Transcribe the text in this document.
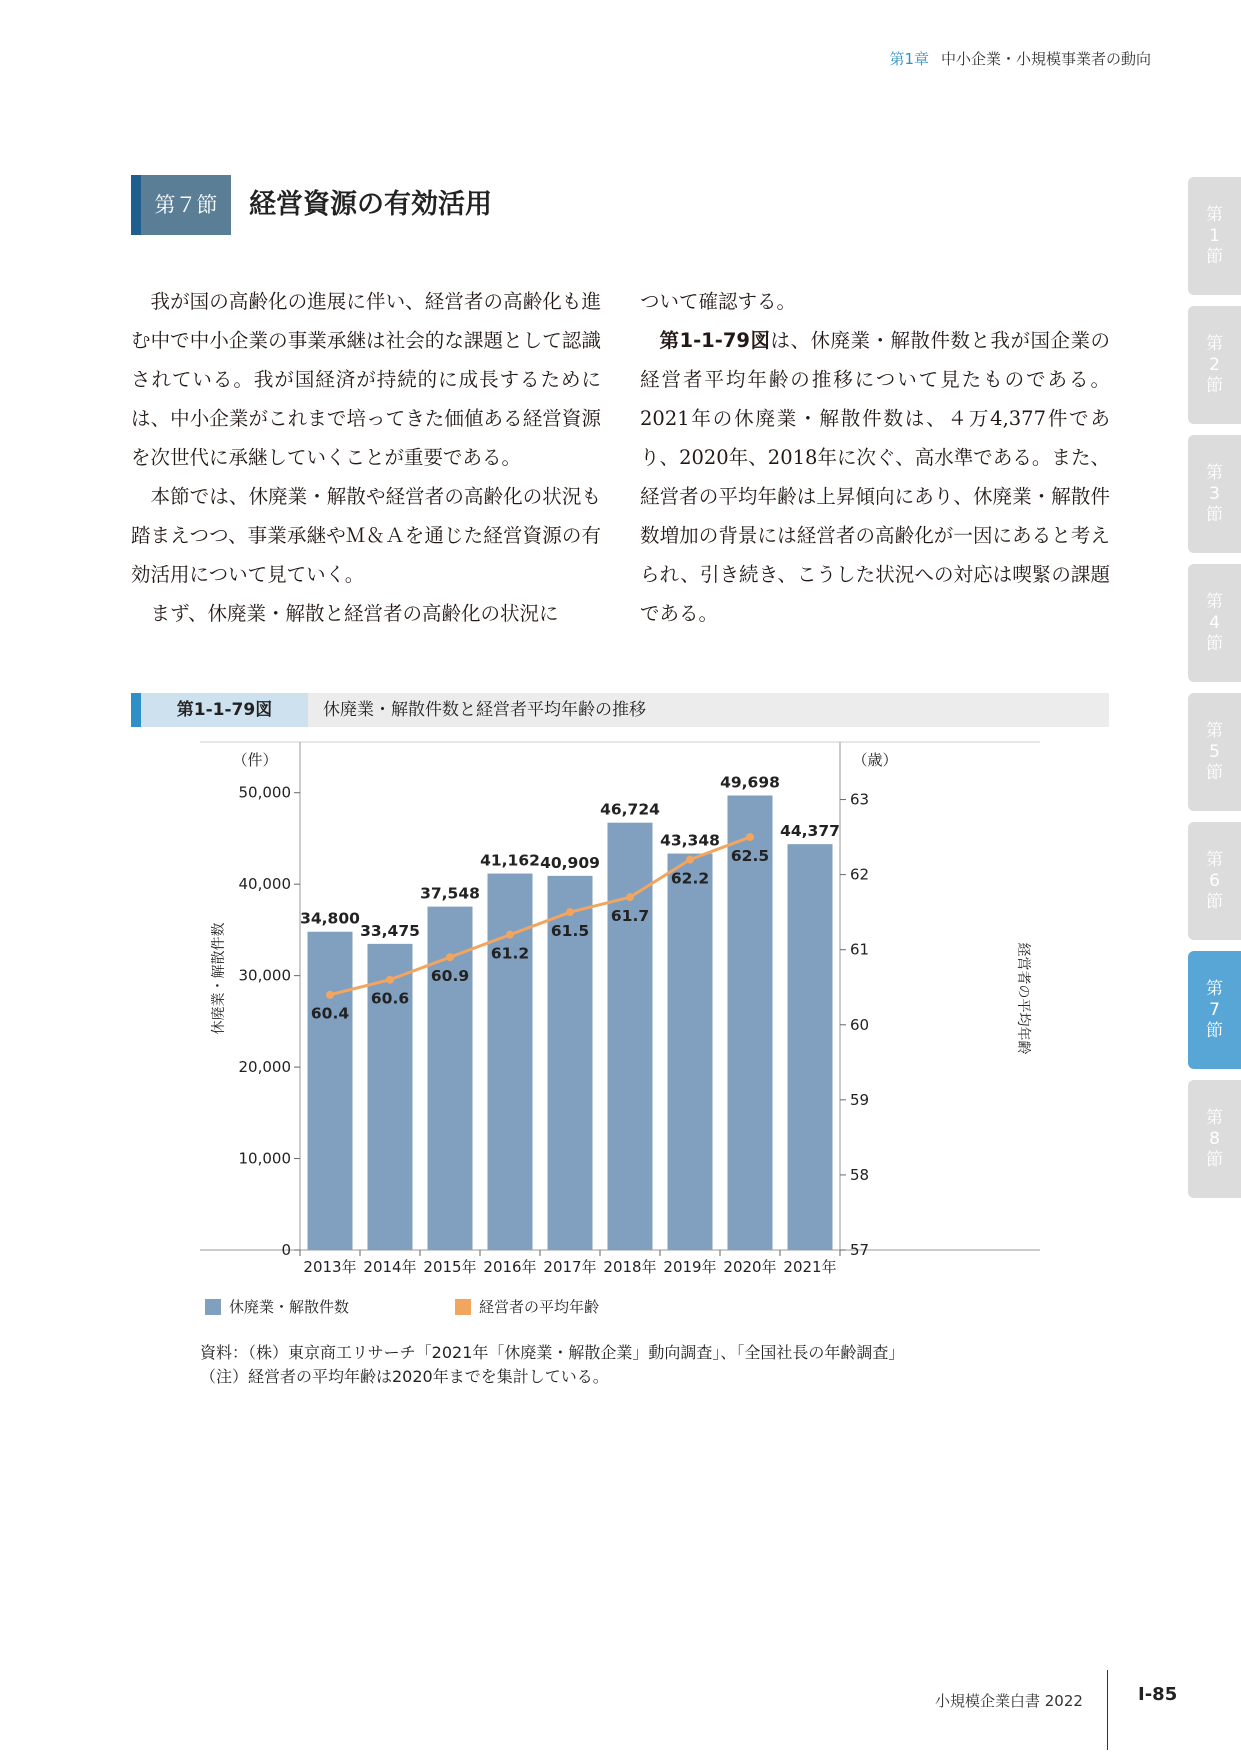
第1章 中小企業・小規模事業者の動向
第７節	経営資源の有効活用

我が国の高齢化の進展に伴い、経営者の高齢化も進む中で中小企業の事業承継は社会的な課題として認識されている。我が国経済が持続的に成長するためには、中小企業がこれまで培ってきた価値ある経営資源を次世代に承継していくことが重要である。

本節では、休廃業・解散や経営者の高齢化の状況も踏まえつつ、事業承継やＭ＆Ａを通じた経営資源の有効活用について見ていく。

まず、休廃業・解散と経営者の高齢化の状況に

ついて確認する。

第1-1-79図は、休廃業・解散件数と我が国企業の経営者平均年齢の推移について見たものである。2021年の休廃業・解散件数は、４万4,377件であり、2020年、2018年に次ぐ、高水準である。また、経営者の平均年齢は上昇傾向にあり、休廃業・解散件数増加の背景には経営者の高齢化が一因にあると考えられ、引き続き、こうした状況への対応は喫緊の課題である。

第
1
節
第
2
節
第
3
節
第
4
節
第
5
節
第
6
節
第
7
節
第
8
節
第1-1-79図	休廃業・解散件数と経営者平均年齢の推移
0
10,000
20,000
30,000
40,000
50,000
（件）
休廃業・解散件数
57
58
59
60
61
62
63
（歳）
経営者の平均年齢
2013年 2014年 2015年 2016年 2017年 2018年 2019年 2020年 2021年
34,800
33,475
37,548
41,162 40,909
46,724
43,348
49,698
44,377
60.4
60.6
60.9
61.2
61.5
61.7
62.2
62.5
休廃業・解散件数	経営者の平均年齢
資料：（株）東京商工リサーチ「2021年「休廃業・解散企業」動向調査」、「全国社長の年齢調査」
（注）経営者の平均年齢は2020年までを集計している。
小規模企業白書 2022	Ⅰ-85
